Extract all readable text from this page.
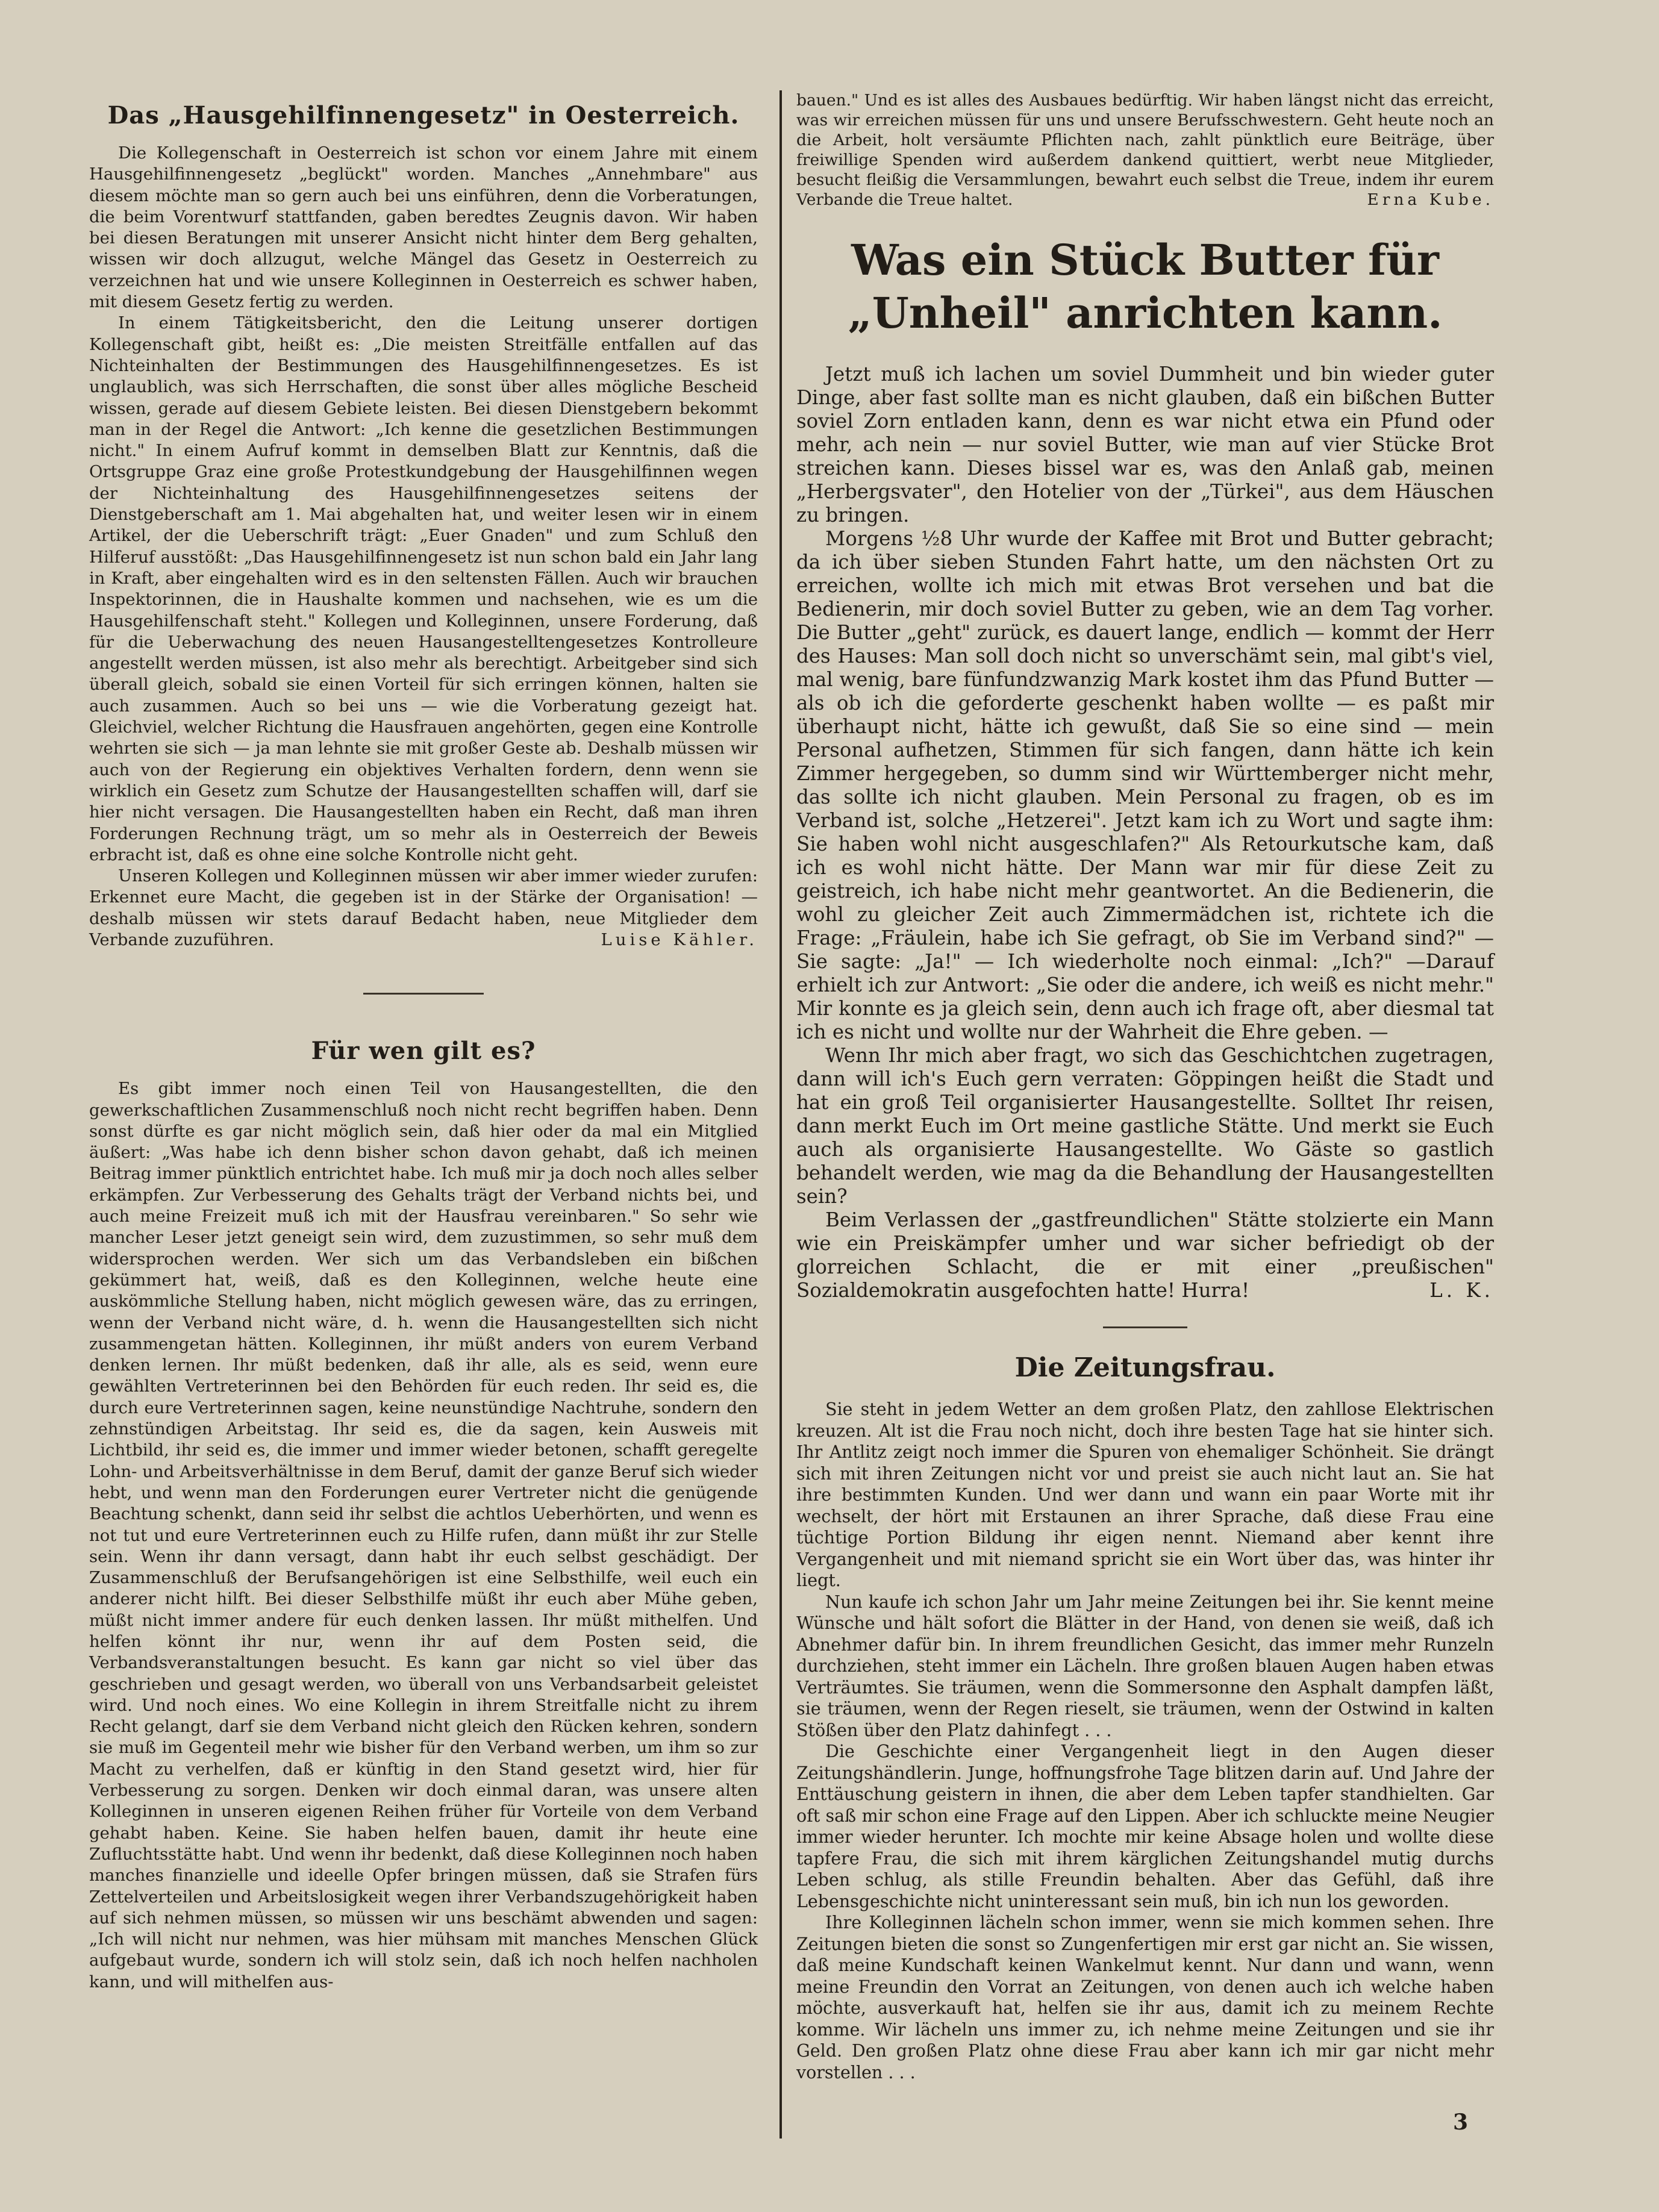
Das „Hausgehilfinnengesetz" in Oesterreich.

Die Kollegenschaft in Oesterreich ist schon vor einem Jahre mit einem Hausgehilfinnengesetz „beglückt" worden. Manches „Annehmbare" aus diesem möchte man so gern auch bei uns einführen, denn die Vorberatungen, die beim Vorentwurf stattfanden, gaben beredtes Zeugnis davon. Wir haben bei diesen Beratungen mit unserer Ansicht nicht hinter dem Berg gehalten, wissen wir doch allzugut, welche Mängel das Gesetz in Oesterreich zu verzeichnen hat und wie unsere Kolleginnen in Oesterreich es schwer haben, mit diesem Gesetz fertig zu werden.

In einem Tätigkeitsbericht, den die Leitung unserer dortigen Kollegenschaft gibt, heißt es: „Die meisten Streitfälle entfallen auf das Nichteinhalten der Bestimmungen des Hausgehilfinnengesetzes. Es ist unglaublich, was sich Herrschaften, die sonst über alles mögliche Bescheid wissen, gerade auf diesem Gebiete leisten. Bei diesen Dienstgebern bekommt man in der Regel die Antwort: „Ich kenne die gesetzlichen Bestimmungen nicht." In einem Aufruf kommt in demselben Blatt zur Kenntnis, daß die Ortsgruppe Graz eine große Protestkundgebung der Hausgehilfinnen wegen der Nichteinhaltung des Hausgehilfinnengesetzes seitens der Dienstgeberschaft am 1. Mai abgehalten hat, und weiter lesen wir in einem Artikel, der die Ueberschrift trägt: „Euer Gnaden" und zum Schluß den Hilferuf ausstößt: „Das Hausgehilfinnengesetz ist nun schon bald ein Jahr lang in Kraft, aber eingehalten wird es in den seltensten Fällen. Auch wir brauchen Inspektorinnen, die in Haushalte kommen und nachsehen, wie es um die Hausgehilfenschaft steht." Kollegen und Kolleginnen, unsere Forderung, daß für die Ueberwachung des neuen Hausangestelltengesetzes Kontrolleure angestellt werden müssen, ist also mehr als berechtigt. Arbeitgeber sind sich überall gleich, sobald sie einen Vorteil für sich erringen können, halten sie auch zusammen. Auch so bei uns — wie die Vorberatung gezeigt hat. Gleichviel, welcher Richtung die Hausfrauen angehörten, gegen eine Kontrolle wehrten sie sich — ja man lehnte sie mit großer Geste ab. Deshalb müssen wir auch von der Regierung ein objektives Verhalten fordern, denn wenn sie wirklich ein Gesetz zum Schutze der Hausangestellten schaffen will, darf sie hier nicht versagen. Die Hausangestellten haben ein Recht, daß man ihren Forderungen Rechnung trägt, um so mehr als in Oesterreich der Beweis erbracht ist, daß es ohne eine solche Kontrolle nicht geht.

Unseren Kollegen und Kolleginnen müssen wir aber immer wieder zurufen: Erkennet eure Macht, die gegeben ist in der Stärke der Organisation! — deshalb müssen wir stets darauf Bedacht haben, neue Mitglieder dem Verbande zuzuführen.	Luise Kähler.

Für wen gilt es?

Es gibt immer noch einen Teil von Hausangestellten, die den gewerkschaftlichen Zusammenschluß noch nicht recht begriffen haben. Denn sonst dürfte es gar nicht möglich sein, daß hier oder da mal ein Mitglied äußert: „Was habe ich denn bisher schon davon gehabt, daß ich meinen Beitrag immer pünktlich entrichtet habe. Ich muß mir ja doch noch alles selber erkämpfen. Zur Verbesserung des Gehalts trägt der Verband nichts bei, und auch meine Freizeit muß ich mit der Hausfrau vereinbaren." So sehr wie mancher Leser jetzt geneigt sein wird, dem zuzustimmen, so sehr muß dem widersprochen werden. Wer sich um das Verbandsleben ein bißchen gekümmert hat, weiß, daß es den Kolleginnen, welche heute eine auskömmliche Stellung haben, nicht möglich gewesen wäre, das zu erringen, wenn der Verband nicht wäre, d. h. wenn die Hausangestellten sich nicht zusammengetan hätten. Kolleginnen, ihr müßt anders von eurem Verband denken lernen. Ihr müßt bedenken, daß ihr alle, als es seid, wenn eure gewählten Vertreterinnen bei den Behörden für euch reden. Ihr seid es, die durch eure Vertreterinnen sagen, keine neunstündige Nachtruhe, sondern den zehnstündigen Arbeitstag. Ihr seid es, die da sagen, kein Ausweis mit Lichtbild, ihr seid es, die immer und immer wieder betonen, schafft geregelte Lohn- und Arbeitsverhältnisse in dem Beruf, damit der ganze Beruf sich wieder hebt, und wenn man den Forderungen eurer Vertreter nicht die genügende Beachtung schenkt, dann seid ihr selbst die achtlos Ueberhörten, und wenn es not tut und eure Vertreterinnen euch zu Hilfe rufen, dann müßt ihr zur Stelle sein. Wenn ihr dann versagt, dann habt ihr euch selbst geschädigt. Der Zusammenschluß der Berufsangehörigen ist eine Selbsthilfe, weil euch ein anderer nicht hilft. Bei dieser Selbsthilfe müßt ihr euch aber Mühe geben, müßt nicht immer andere für euch denken lassen. Ihr müßt mithelfen. Und helfen könnt ihr nur, wenn ihr auf dem Posten seid, die Verbandsveranstaltungen besucht. Es kann gar nicht so viel über das geschrieben und gesagt werden, wo überall von uns Verbandsarbeit geleistet wird. Und noch eines. Wo eine Kollegin in ihrem Streitfalle nicht zu ihrem Recht gelangt, darf sie dem Verband nicht gleich den Rücken kehren, sondern sie muß im Gegenteil mehr wie bisher für den Verband werben, um ihm so zur Macht zu verhelfen, daß er künftig in den Stand gesetzt wird, hier für Verbesserung zu sorgen. Denken wir doch einmal daran, was unsere alten Kolleginnen in unseren eigenen Reihen früher für Vorteile von dem Verband gehabt haben. Keine. Sie haben helfen bauen, damit ihr heute eine Zufluchtsstätte habt. Und wenn ihr bedenkt, daß diese Kolleginnen noch haben manches finanzielle und ideelle Opfer bringen müssen, daß sie Strafen fürs Zettelverteilen und Arbeitslosigkeit wegen ihrer Verbandszugehörigkeit haben auf sich nehmen müssen, so müssen wir uns beschämt abwenden und sagen: „Ich will nicht nur nehmen, was hier mühsam mit manches Menschen Glück aufgebaut wurde, sondern ich will stolz sein, daß ich noch helfen nachholen kann, und will mithelfen aus-

bauen." Und es ist alles des Ausbaues bedürftig. Wir haben längst nicht das erreicht, was wir erreichen müssen für uns und unsere Berufsschwestern. Geht heute noch an die Arbeit, holt versäumte Pflichten nach, zahlt pünktlich eure Beiträge, über freiwillige Spenden wird außerdem dankend quittiert, werbt neue Mitglieder, besucht fleißig die Versammlungen, bewahrt euch selbst die Treue, indem ihr eurem Verbande die Treue haltet.	Erna Kube.

Was ein Stück Butter für „Unheil" anrichten kann.

Jetzt muß ich lachen um soviel Dummheit und bin wieder guter Dinge, aber fast sollte man es nicht glauben, daß ein bißchen Butter soviel Zorn entladen kann, denn es war nicht etwa ein Pfund oder mehr, ach nein — nur soviel Butter, wie man auf vier Stücke Brot streichen kann. Dieses bissel war es, was den Anlaß gab, meinen „Herbergsvater", den Hotelier von der „Türkei", aus dem Häuschen zu bringen.

Morgens ½8 Uhr wurde der Kaffee mit Brot und Butter gebracht; da ich über sieben Stunden Fahrt hatte, um den nächsten Ort zu erreichen, wollte ich mich mit etwas Brot versehen und bat die Bedienerin, mir doch soviel Butter zu geben, wie an dem Tag vorher. Die Butter „geht" zurück, es dauert lange, endlich — kommt der Herr des Hauses: Man soll doch nicht so unverschämt sein, mal gibt's viel, mal wenig, bare fünfundzwanzig Mark kostet ihm das Pfund Butter — als ob ich die geforderte geschenkt haben wollte — es paßt mir überhaupt nicht, hätte ich gewußt, daß Sie so eine sind — mein Personal aufhetzen, Stimmen für sich fangen, dann hätte ich kein Zimmer hergegeben, so dumm sind wir Württemberger nicht mehr, das sollte ich nicht glauben. Mein Personal zu fragen, ob es im Verband ist, solche „Hetzerei". Jetzt kam ich zu Wort und sagte ihm: Sie haben wohl nicht ausgeschlafen?" Als Retourkutsche kam, daß ich es wohl nicht hätte. Der Mann war mir für diese Zeit zu geistreich, ich habe nicht mehr geantwortet. An die Bedienerin, die wohl zu gleicher Zeit auch Zimmermädchen ist, richtete ich die Frage: „Fräulein, habe ich Sie gefragt, ob Sie im Verband sind?" — Sie sagte: „Ja!" — Ich wiederholte noch einmal: „Ich?" —Darauf erhielt ich zur Antwort: „Sie oder die andere, ich weiß es nicht mehr." Mir konnte es ja gleich sein, denn auch ich frage oft, aber diesmal tat ich es nicht und wollte nur der Wahrheit die Ehre geben. —

Wenn Ihr mich aber fragt, wo sich das Geschichtchen zugetragen, dann will ich's Euch gern verraten: Göppingen heißt die Stadt und hat ein groß Teil organisierter Hausangestellte. Solltet Ihr reisen, dann merkt Euch im Ort meine gastliche Stätte. Und merkt sie Euch auch als organisierte Hausangestellte. Wo Gäste so gastlich behandelt werden, wie mag da die Behandlung der Hausangestellten sein?

Beim Verlassen der „gastfreundlichen" Stätte stolzierte ein Mann wie ein Preiskämpfer umher und war sicher befriedigt ob der glorreichen Schlacht, die er mit einer „preußischen" Sozialdemokratin ausgefochten hatte! Hurra!	L. K.

Die Zeitungsfrau.

Sie steht in jedem Wetter an dem großen Platz, den zahllose Elektrischen kreuzen. Alt ist die Frau noch nicht, doch ihre besten Tage hat sie hinter sich. Ihr Antlitz zeigt noch immer die Spuren von ehemaliger Schönheit. Sie drängt sich mit ihren Zeitungen nicht vor und preist sie auch nicht laut an. Sie hat ihre bestimmten Kunden. Und wer dann und wann ein paar Worte mit ihr wechselt, der hört mit Erstaunen an ihrer Sprache, daß diese Frau eine tüchtige Portion Bildung ihr eigen nennt. Niemand aber kennt ihre Vergangenheit und mit niemand spricht sie ein Wort über das, was hinter ihr liegt.

Nun kaufe ich schon Jahr um Jahr meine Zeitungen bei ihr. Sie kennt meine Wünsche und hält sofort die Blätter in der Hand, von denen sie weiß, daß ich Abnehmer dafür bin. In ihrem freundlichen Gesicht, das immer mehr Runzeln durchziehen, steht immer ein Lächeln. Ihre großen blauen Augen haben etwas Verträumtes. Sie träumen, wenn die Sommersonne den Asphalt dampfen läßt, sie träumen, wenn der Regen rieselt, sie träumen, wenn der Ostwind in kalten Stößen über den Platz dahinfegt . . .

Die Geschichte einer Vergangenheit liegt in den Augen dieser Zeitungshändlerin. Junge, hoffnungsfrohe Tage blitzen darin auf. Und Jahre der Enttäuschung geistern in ihnen, die aber dem Leben tapfer standhielten. Gar oft saß mir schon eine Frage auf den Lippen. Aber ich schluckte meine Neugier immer wieder herunter. Ich mochte mir keine Absage holen und wollte diese tapfere Frau, die sich mit ihrem kärglichen Zeitungshandel mutig durchs Leben schlug, als stille Freundin behalten. Aber das Gefühl, daß ihre Lebensgeschichte nicht uninteressant sein muß, bin ich nun los geworden.

Ihre Kolleginnen lächeln schon immer, wenn sie mich kommen sehen. Ihre Zeitungen bieten die sonst so Zungenfertigen mir erst gar nicht an. Sie wissen, daß meine Kundschaft keinen Wankelmut kennt. Nur dann und wann, wenn meine Freundin den Vorrat an Zeitungen, von denen auch ich welche haben möchte, ausverkauft hat, helfen sie ihr aus, damit ich zu meinem Rechte komme. Wir lächeln uns immer zu, ich nehme meine Zeitungen und sie ihr Geld. Den großen Platz ohne diese Frau aber kann ich mir gar nicht mehr vorstellen . . .

3
